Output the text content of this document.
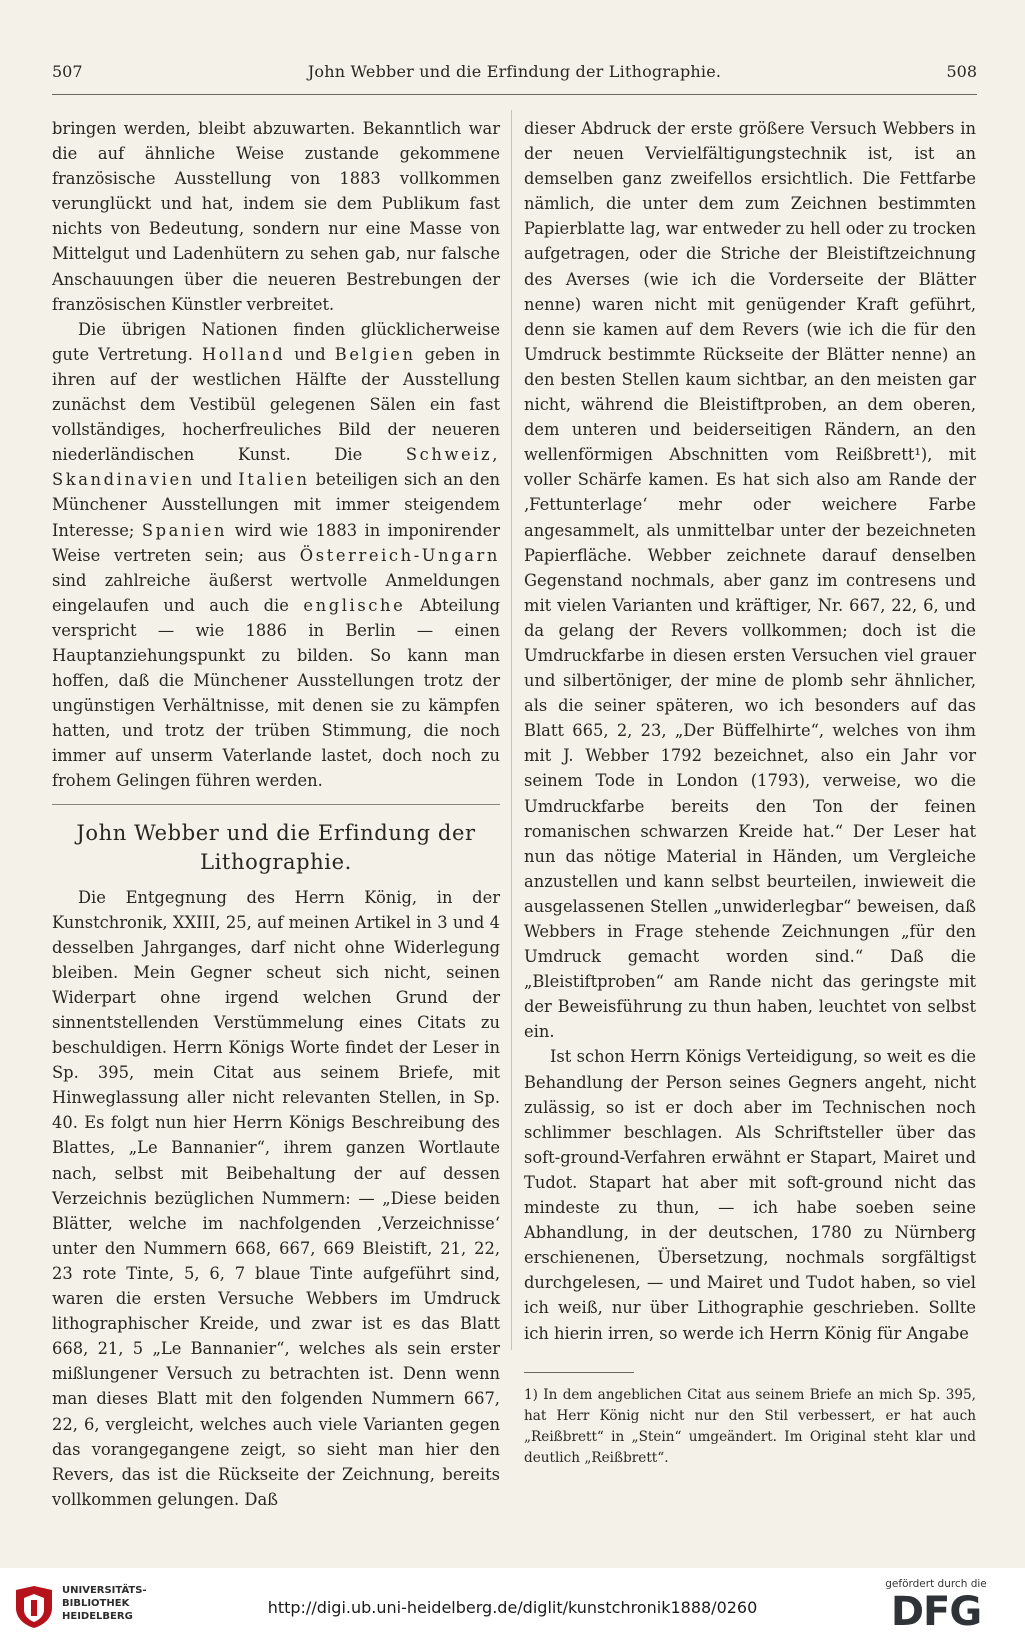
507	John Webber und die Erfindung der Lithographie.	508

bringen werden, bleibt abzuwarten. Bekanntlich war die auf ähnliche Weise zustande gekommene französische Ausstellung von 1883 vollkommen verunglückt und hat, indem sie dem Publikum fast nichts von Bedeutung, sondern nur eine Masse von Mittelgut und Ladenhütern zu sehen gab, nur falsche Anschauungen über die neueren Bestrebungen der französischen Künstler verbreitet.

Die übrigen Nationen finden glücklicherweise gute Vertretung. Holland und Belgien geben in ihren auf der westlichen Hälfte der Ausstellung zunächst dem Vestibül gelegenen Sälen ein fast vollständiges, hocherfreuliches Bild der neueren niederländischen Kunst. Die	Schweiz, Skandinavien und Italien beteiligen sich an den Münchener Ausstellungen mit immer steigendem Interesse; Spanien wird wie 1883 in imponirender Weise vertreten sein; aus Österreich-Ungarn sind zahlreiche äußerst wertvolle Anmeldungen eingelaufen und auch die englische Abteilung verspricht — wie 1886 in Berlin — einen Hauptanziehungspunkt zu bilden. So kann man hoffen, daß die Münchener Ausstellungen trotz der ungünstigen Verhältnisse, mit denen sie zu kämpfen hatten, und trotz der trüben Stimmung, die noch immer auf unserm Vaterlande lastet, doch noch zu frohem Gelingen führen werden.

John Webber und die Erfindung der
Lithographie.

Die Entgegnung des Herrn König, in der Kunstchronik, XXIII, 25, auf meinen Artikel in 3 und 4 desselben Jahrganges, darf nicht ohne Widerlegung bleiben. Mein Gegner scheut sich nicht, seinen Widerpart ohne irgend welchen Grund der sinnentstellenden Verstümmelung eines Citats zu beschuldigen. Herrn Königs Worte findet der Leser in Sp. 395, mein Citat aus seinem Briefe, mit Hinweglassung aller nicht relevanten Stellen, in Sp. 40. Es folgt nun hier Herrn Königs Beschreibung des Blattes, „Le Bannanier“, ihrem ganzen Wortlaute nach, selbst mit Beibehaltung der auf dessen Verzeichnis bezüglichen Nummern: — „Diese beiden Blätter, welche im nachfolgenden ‚Verzeichnisse‘ unter den Nummern 668, 667, 669 Bleistift, 21, 22, 23 rote Tinte, 5, 6, 7 blaue Tinte aufgeführt sind, waren die ersten Versuche Webbers im Umdruck lithographischer Kreide, und zwar ist es das Blatt 668, 21, 5 „Le Bannanier“, welches als sein erster mißlungener Versuch zu betrachten ist. Denn wenn man dieses Blatt mit den folgenden Nummern 667, 22, 6, vergleicht, welches auch viele Varianten gegen das vorangegangene zeigt, so sieht man hier den Revers, das ist die Rückseite der Zeichnung, bereits vollkommen gelungen. Daß

dieser Abdruck der erste größere Versuch Webbers in der neuen Vervielfältigungstechnik ist, ist an demselben ganz zweifellos ersichtlich. Die Fettfarbe nämlich, die unter dem zum Zeichnen bestimmten Papierblatte lag, war entweder zu hell oder zu trocken aufgetragen, oder die Striche der Bleistiftzeichnung des Averses (wie ich die Vorderseite der Blätter nenne) waren nicht mit genügender Kraft geführt, denn sie kamen auf dem Revers (wie ich die für den Umdruck bestimmte Rückseite der Blätter nenne) an den besten Stellen kaum sichtbar, an den meisten gar nicht, während die Bleistiftproben, an dem oberen, dem unteren und beiderseitigen Rändern, an den wellenförmigen Abschnitten vom Reißbrett¹), mit voller Schärfe kamen. Es hat sich also am Rande der ‚Fettunterlage‘ mehr oder weichere Farbe angesammelt, als unmittelbar unter der bezeichneten Papierfläche. Webber zeichnete darauf denselben Gegenstand nochmals, aber ganz im contresens und mit vielen Varianten und kräftiger, Nr. 667, 22, 6, und da gelang der Revers vollkommen; doch ist die Umdruckfarbe in diesen ersten Versuchen viel grauer und silbertöniger, der mine de plomb sehr ähnlicher, als die seiner späteren, wo ich besonders auf das Blatt 665, 2, 23, „Der Büffelhirte“, welches von ihm mit J. Webber 1792 bezeichnet, also ein Jahr vor seinem Tode in London (1793), verweise, wo die Umdruckfarbe bereits den Ton der feinen romanischen schwarzen Kreide hat.“ Der Leser hat nun das nötige Material in Händen, um Vergleiche anzustellen und kann selbst beurteilen, inwieweit die ausgelassenen Stellen „unwiderlegbar“ beweisen, daß Webbers in Frage stehende Zeichnungen „für den Umdruck gemacht worden sind.“ Daß die „Bleistiftproben“ am Rande nicht das geringste mit der Beweisführung zu thun haben, leuchtet von selbst ein.

Ist schon Herrn Königs Verteidigung, so weit es die Behandlung der Person seines Gegners angeht, nicht zulässig, so ist er doch aber im Technischen noch schlimmer beschlagen. Als Schriftsteller über das soft-ground-Verfahren erwähnt er Stapart, Mairet und Tudot. Stapart hat aber mit soft-ground nicht das mindeste zu thun, — ich habe soeben seine Abhandlung, in der deutschen, 1780 zu Nürnberg erschienenen, Übersetzung, nochmals sorgfältigst durchgelesen, — und Mairet und Tudot haben, so viel ich weiß, nur über Lithographie geschrieben. Sollte ich hierin irren, so werde ich Herrn König für Angabe

1) In dem angeblichen Citat aus seinem Briefe an mich Sp. 395, hat Herr König nicht nur den Stil verbessert, er hat auch „Reißbrett“ in „Stein“ umgeändert. Im Original steht klar und deutlich „Reißbrett“.

UNIVERSITÄTS-
BIBLIOTHEK
HEIDELBERG	http://digi.ub.uni-heidelberg.de/diglit/kunstchronik1888/0260
gefördert durch die
DFG
